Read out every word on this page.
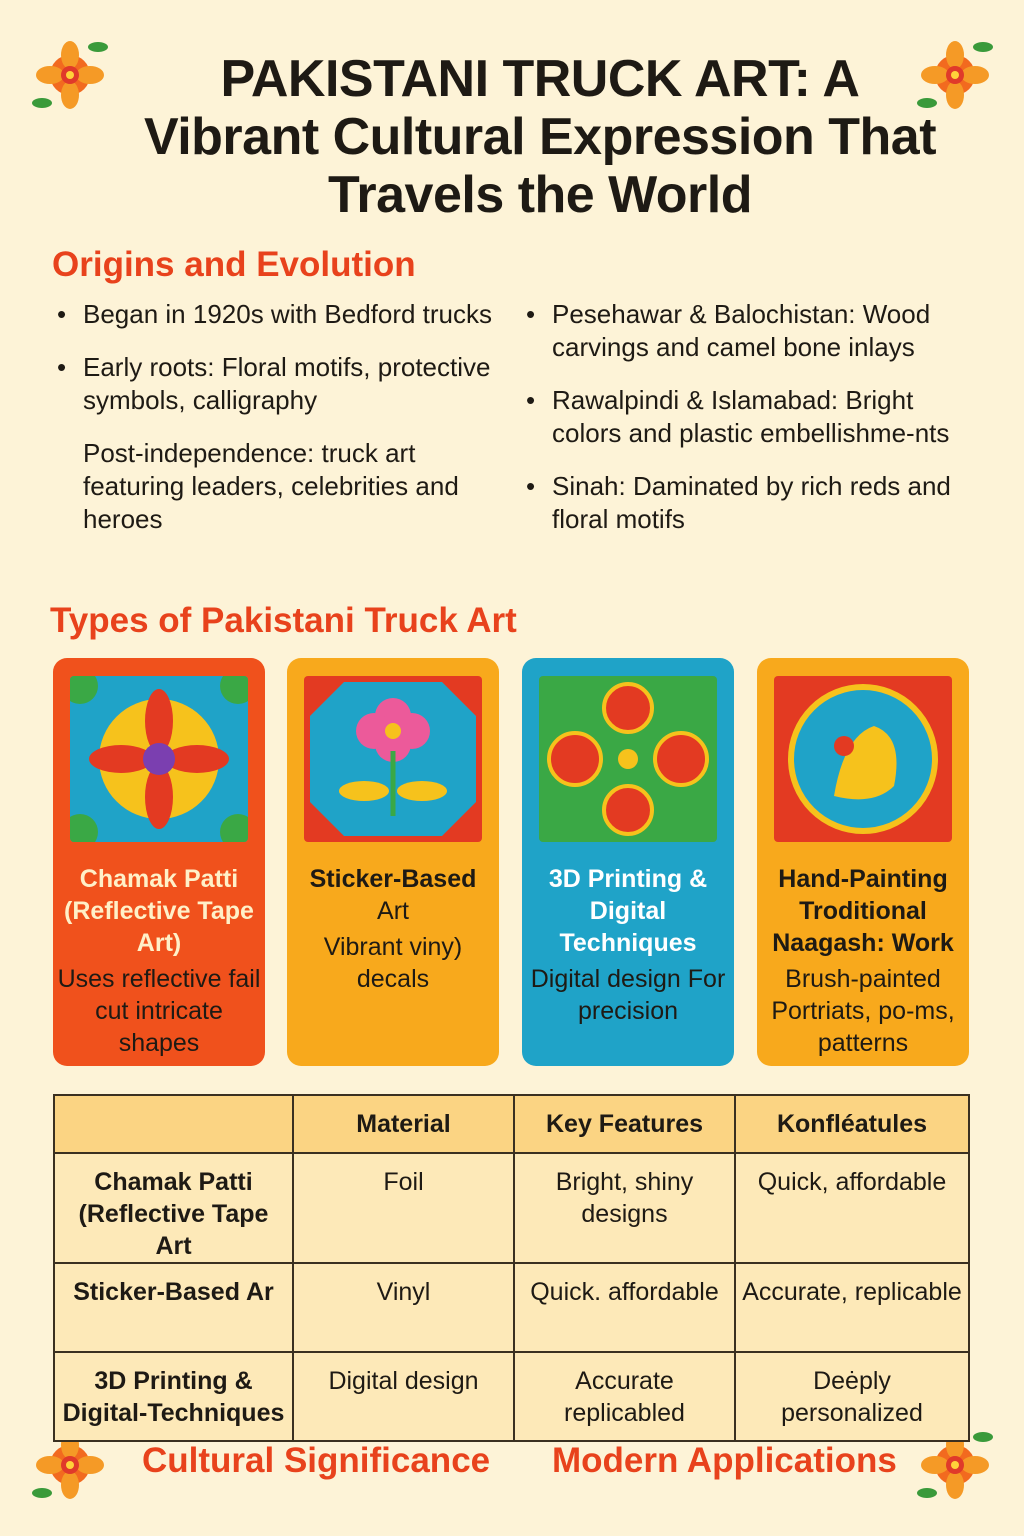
PAKISTANI TRUCK ART: A
Vibrant Cultural Expression That
Travels the World
Origins and Evolution
• Began in 1920s with Bedford trucks
• Early roots: Floral motifs, protective symbols, calligraphy
Post-independence: truck art featuring leaders, celebrities and heroes
• Pesehawar & Balochistan: Wood carvings and camel bone inlays
• Rawalpindi & Islamabad: Bright colors and plastic embellishme-nts
• Sinah: Daminated by rich reds and floral motifs
Types of Pakistani Truck Art
Chamak Patti (Reflective Tape Art)
Uses reflective fail cut intricate shapes
Sticker-Based
Art
Vibrant viny) decals
3D Printing & Digital Techniques
Digital design For precision
Hand-Painting Troditional Naagash: Work
Brush-painted Portriats, po-ms, patterns
	Material	Key Features	Konfléatules
Chamak Patti
(Reflective Tape Art	Foil	Bright, shiny designs	Quick, affordable
Sticker-Based Ar	Vinyl	Quick. affordable	Accurate, replicable
3D Printing & Digital-Techniques	Digital design	Accurate replicabled	Deėply personalized
Cultural Significance Modern Applications
